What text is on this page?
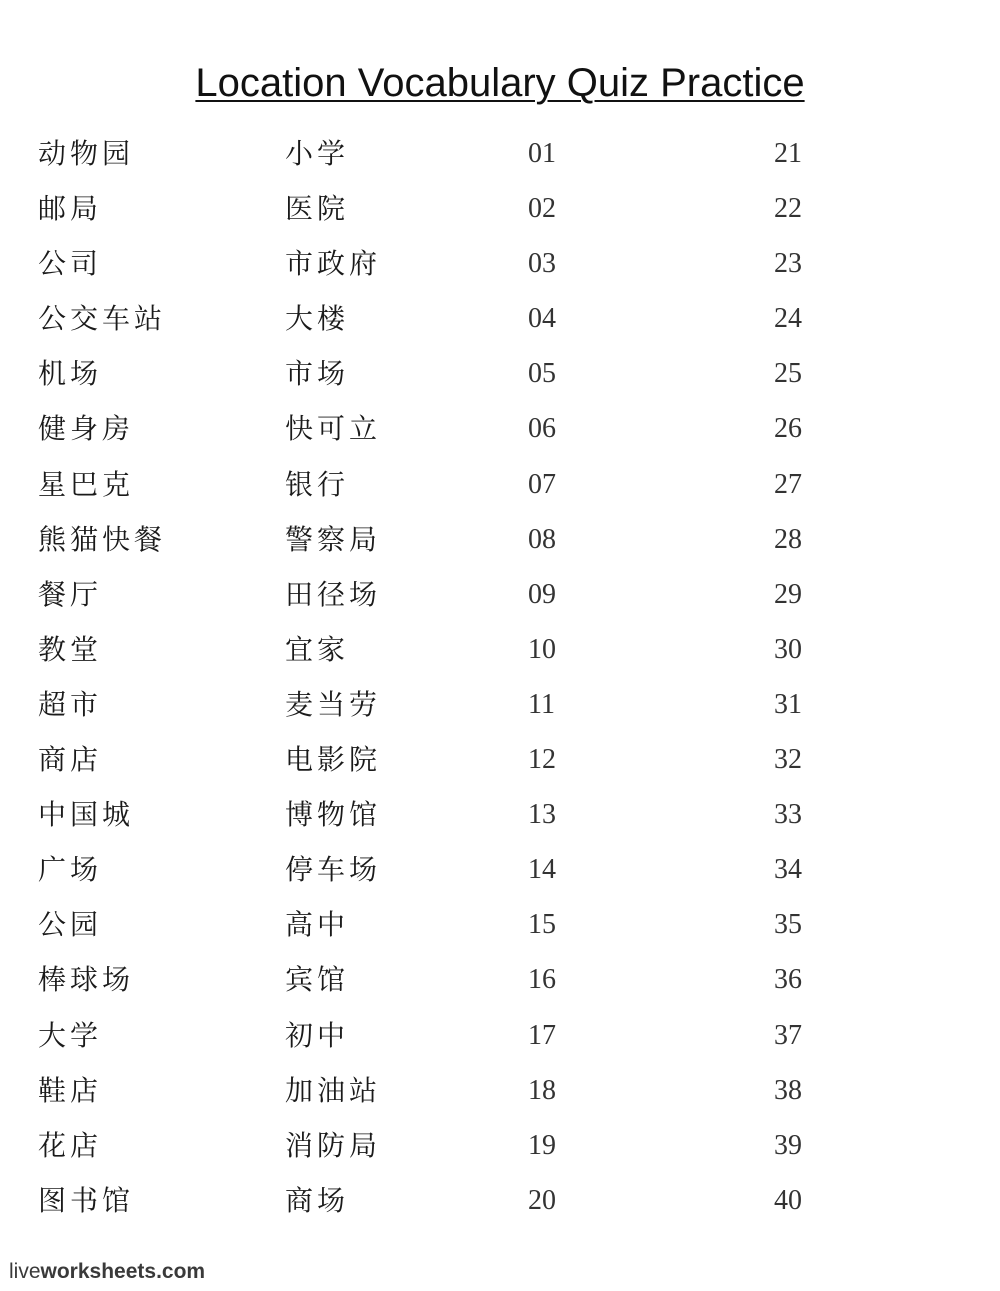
Location Vocabulary Quiz Practice
动物园	小学	01	21
邮局	医院	02	22
公司	市政府	03	23
公交车站	大楼	04	24
机场	市场	05	25
健身房	快可立	06	26
星巴克	银行	07	27
熊猫快餐	警察局	08	28
餐厅	田径场	09	29
教堂	宜家	10	30
超市	麦当劳	11	31
商店	电影院	12	32
中国城	博物馆	13	33
广场	停车场	14	34
公园	高中	15	35
棒球场	宾馆	16	36
大学	初中	17	37
鞋店	加油站	18	38
花店	消防局	19	39
图书馆	商场	20	40
liveworksheets.com
